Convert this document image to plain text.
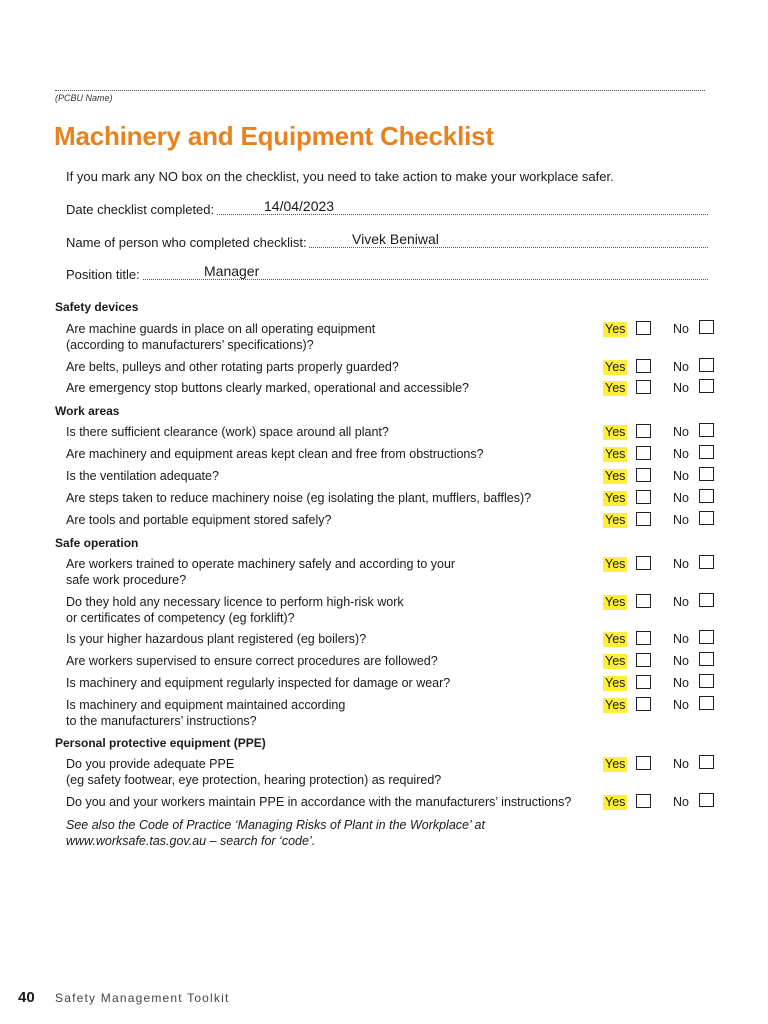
(PCBU Name)
Machinery and Equipment Checklist
If you mark any NO box on the checklist, you need to take action to make your workplace safer.
Date checklist completed:	14/04/2023
Name of person who completed checklist:	Vivek Beniwal
Position title:	Manager
Safety devices
Are machine guards in place on all operating equipment
(according to manufacturers’ specifications)?
Yes	No
Are belts, pulleys and other rotating parts properly guarded?	Yes	No
Are emergency stop buttons clearly marked, operational and accessible?	Yes	No
Work areas
Is there sufficient clearance (work) space around all plant?	Yes	No
Are machinery and equipment areas kept clean and free from obstructions?	Yes	No
Is the ventilation adequate?	Yes	No
Are steps taken to reduce machinery noise (eg isolating the plant, mufflers, baffles)?	Yes	No
Are tools and portable equipment stored safely?	Yes	No
Safe operation
Are workers trained to operate machinery safely and according to your
safe work procedure?
Yes	No
Do they hold any necessary licence to perform high-risk work
or certificates of competency (eg forklift)?
Yes	No
Is your higher hazardous plant registered (eg boilers)?	Yes	No
Are workers supervised to ensure correct procedures are followed?	Yes	No
Is machinery and equipment regularly inspected for damage or wear?	Yes	No
Is machinery and equipment maintained according
to the manufacturers’ instructions?
Yes	No
Personal protective equipment (PPE)
Do you provide adequate PPE
(eg safety footwear, eye protection, hearing protection) as required?
Yes	No
Do you and your workers maintain PPE in accordance with the manufacturers’ instructions?	Yes	No
See also the Code of Practice ‘Managing Risks of Plant in the Workplace’ at
www.worksafe.tas.gov.au – search for ‘code’.
40 Safety Management Toolkit
